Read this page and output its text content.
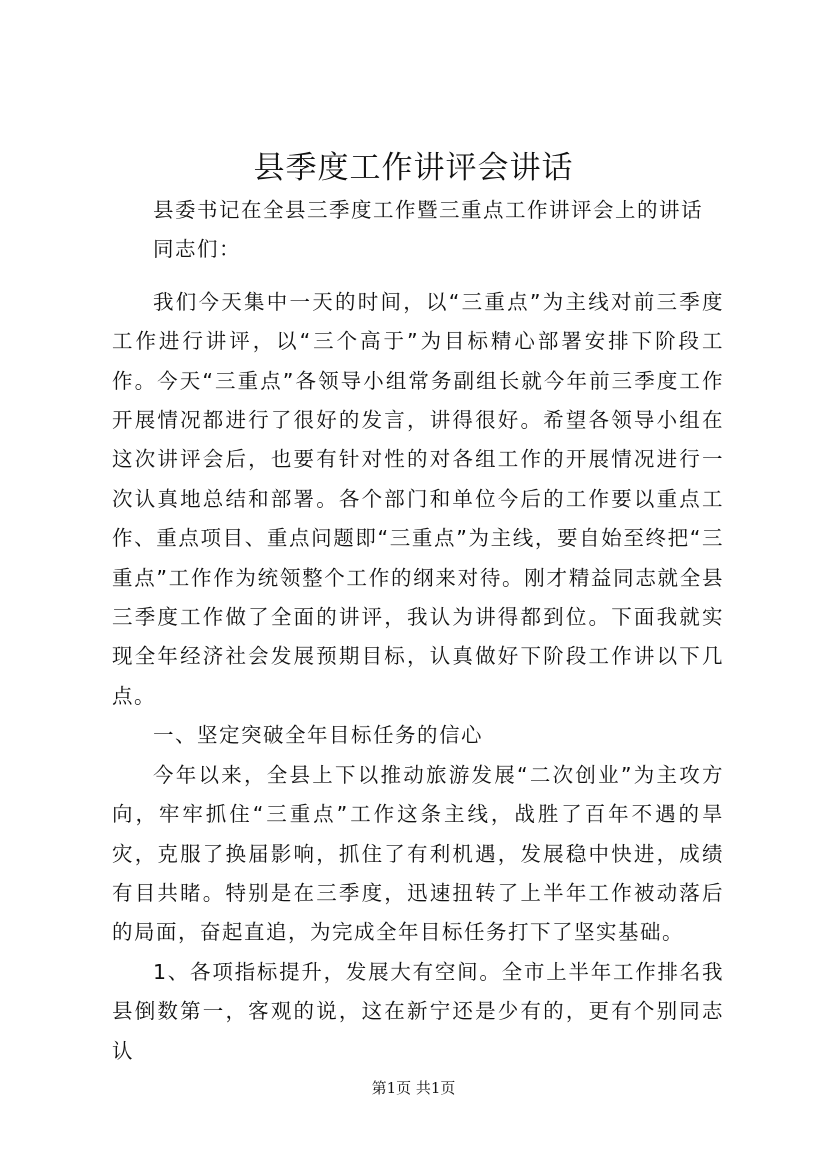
县季度工作讲评会讲话

县委书记在全县三季度工作暨三重点工作讲评会上的讲话

同志们：

我们今天集中一天的时间，以“三重点”为主线对前三季度工作进行讲评，以“三个高于”为目标精心部署安排下阶段工作。今天“三重点”各领导小组常务副组长就今年前三季度工作开展情况都进行了很好的发言，讲得很好。希望各领导小组在这次讲评会后，也要有针对性的对各组工作的开展情况进行一次认真地总结和部署。各个部门和单位今后的工作要以重点工作、重点项目、重点问题即“三重点”为主线，要自始至终把“三重点”工作作为统领整个工作的纲来对待。刚才精益同志就全县三季度工作做了全面的讲评，我认为讲得都到位。下面我就实现全年经济社会发展预期目标，认真做好下阶段工作讲以下几点。

一、坚定突破全年目标任务的信心

今年以来，全县上下以推动旅游发展“二次创业”为主攻方向，牢牢抓住“三重点”工作这条主线，战胜了百年不遇的旱灾，克服了换届影响，抓住了有利机遇，发展稳中快进，成绩有目共睹。特别是在三季度，迅速扭转了上半年工作被动落后的局面，奋起直追，为完成全年目标任务打下了坚实基础。

1、各项指标提升，发展大有空间。全市上半年工作排名我县倒数第一，客观的说，这在新宁还是少有的，更有个别同志认

第1页 共1页
